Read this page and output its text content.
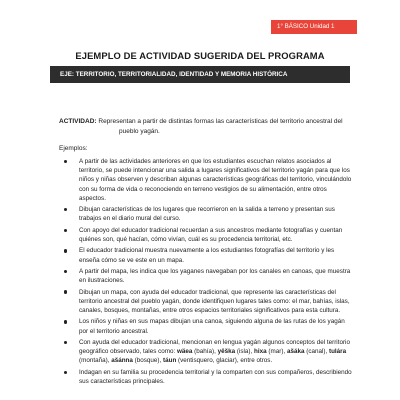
1° BÁSICO Unidad 1
EJEMPLO DE ACTIVIDAD SUGERIDA DEL PROGRAMA
EJE: TERRITORIO, TERRITORIALIDAD, IDENTIDAD Y MEMORIA HISTÓRICA
ACTIVIDAD: Representan a partir de distintas formas las características del territorio ancestral del
pueblo yagán.
Ejemplos:
A partir de las actividades anteriores en que los estudiantes escuchan relatos asociados al territorio, se puede intencionar una salida a lugares significativos del territorio yagán para que los niños y niñas observen y describan algunas características geográficas del territorio, vinculándolo con su forma de vida o reconociendo en terreno vestigios de su alimentación, entre otros aspectos.
Dibujan características de los lugares que recorrieron en la salida a terreno y presentan sus trabajos en el diario mural del curso.
Con apoyo del educador tradicional recuerdan a sus ancestros mediante fotografías y cuentan quiénes son, qué hacían, cómo vivían, cuál es su procedencia territorial, etc.
El educador tradicional muestra nuevamente a los estudiantes fotografías del territorio y les enseña cómo se ve este en un mapa.
A partir del mapa, les indica que los yaganes navegaban por los canales en canoas, que muestra en ilustraciones.
Dibujan un mapa, con ayuda del educador tradicional, que represente las características del territorio ancestral del pueblo yagán, donde identifiquen lugares tales como: el mar, bahías, islas, canales, bosques, montañas, entre otros espacios territoriales significativos para esta cultura.
Los niños y niñas en sus mapas dibujan una canoa, siguiendo alguna de las rutas de los yagán por el territorio ancestral.
Con ayuda del educador tradicional, mencionan en lengua yagán algunos conceptos del territorio geográfico observado, tales como: wäea (bahía), yëška (isla), hixa (mar), ašáka (canal), tulára (montaña), ašánna (bosque), táun (ventisquero, glaciar), entre otros.
Indagan en su familia su procedencia territorial y la comparten con sus compañeros, describiendo sus características principales.
